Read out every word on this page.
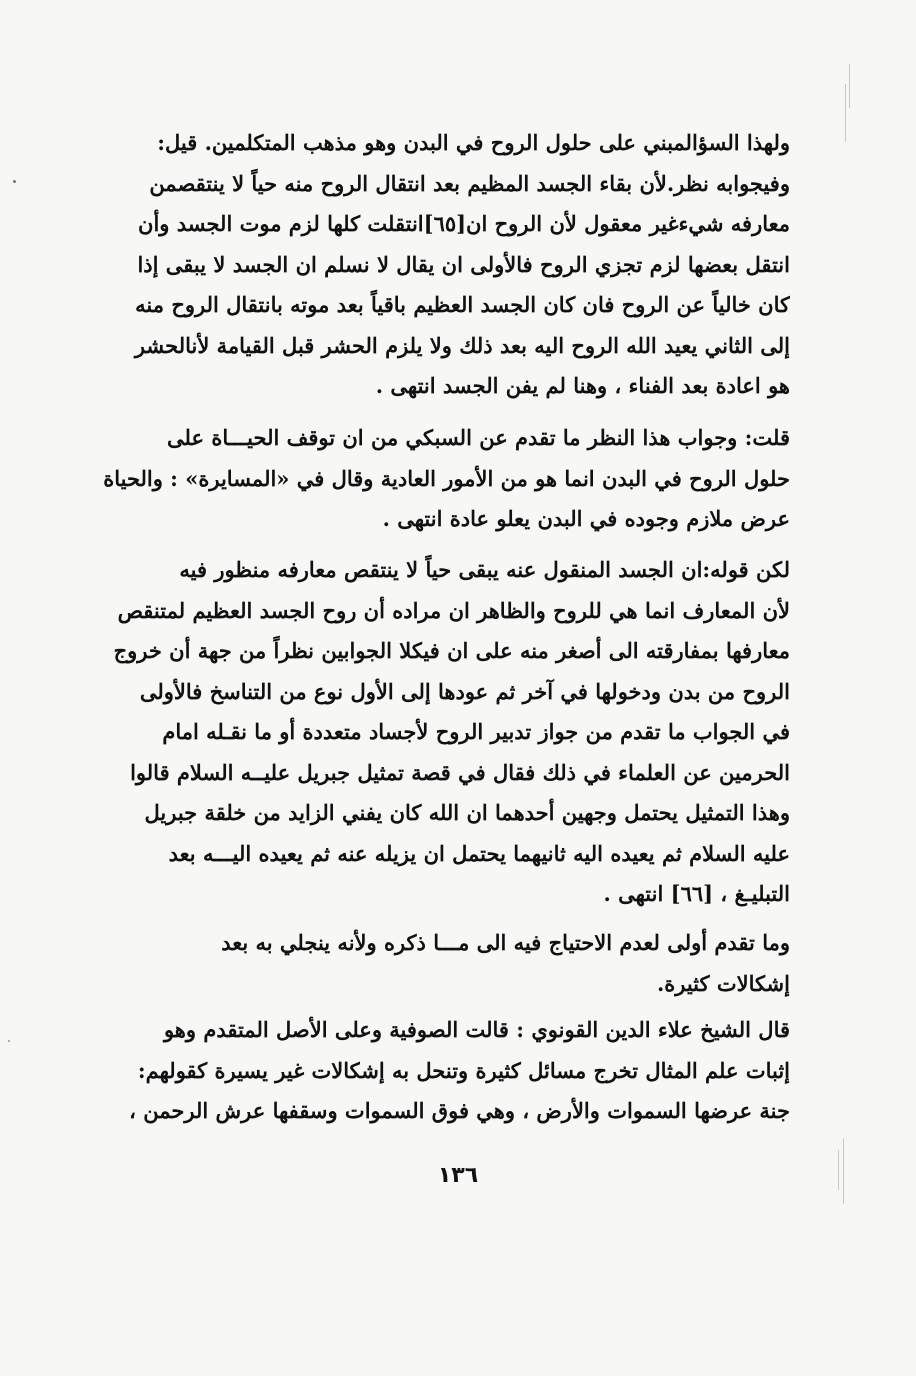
ولهذا السؤالمبني على حلول الروح في البدن وهو مذهب المتكلمين. قيل:
وفيجوابه نظر.لأن بقاء الجسد المظيم بعد انتقال الروح منه حياً لا ينتقصمن
معارفه شيءغير معقول لأن الروح ان[٦٥]انتقلت كلها لزم موت الجسد وأن
انتقل بعضها لزم تجزي الروح فالأولى ان يقال لا نسلم ان الجسد لا يبقى إذا
كان خالياً عن الروح فان كان الجسد العظيم باقياً بعد موته بانتقال الروح منه
إلى الثاني يعيد الله الروح اليه بعد ذلك ولا يلزم الحشر قبل القيامة لأنالحشر
هو اعادة بعد الفناء ، وهنا لم يفن الجسد انتهى .
قلت: وجواب هذا النظر ما تقدم عن السبكي من ان توقف الحيـــاة على
حلول الروح في البدن انما هو من الأمور العادية وقال في «المسايرة» : والحياة
عرض ملازم وجوده في البدن يعلو عادة انتهى .
لكن قوله:ان الجسد المنقول عنه يبقى حياً لا ينتقص معارفه منظور فيه
لأن المعارف انما هي للروح والظاهر ان مراده أن روح الجسد العظيم لمتنقص
معارفها بمفارقته الى أصغر منه على ان فيكلا الجوابين نظراً من جهة أن خروج
الروح من بدن ودخولها في آخر ثم عودها إلى الأول نوع من التناسخ فالأولى
في الجواب ما تقدم من جواز تدبير الروح لأجساد متعددة أو ما نقـله امام
الحرمين عن العلماء في ذلك فقال في قصة تمثيل جبريل عليــه السلام قالوا
وهذا التمثيل يحتمل وجهين أحدهما ان الله كان يفني الزايد من خلقة جبريل
عليه السلام ثم يعيده اليه ثانيهما يحتمل ان يزيله عنه ثم يعيده اليـــه بعد
التبليـغ ، [٦٦] انتهى .
وما تقدم أولى لعدم الاحتياج فيه الى مـــا ذكره ولأنه ينجلي به بعد
إشكالات كثيرة.
قال الشيخ علاء الدين القونوي : قالت الصوفية وعلى الأصل المتقدم وهو
إثبات علم المثال تخرج مسائل كثيرة وتنحل به إشكالات غير يسيرة كقولهم:
جنة عرضها السموات والأرض ، وهي فوق السموات وسقفها عرش الرحمن ،
١٣٦
